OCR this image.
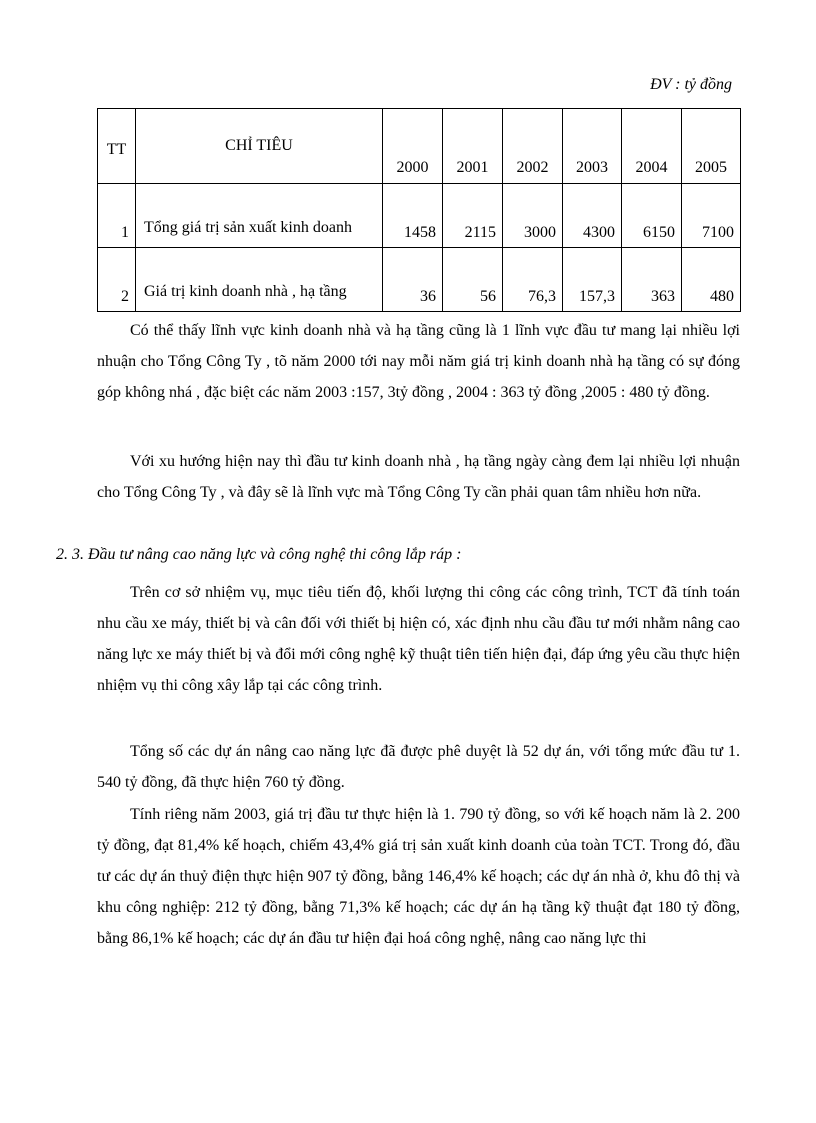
ĐV : tỷ đồng
TT	CHỈ TIÊU	2000	2001	2002	2003	2004	2005
1	Tổng giá trị sản xuất kinh doanh	1458	2115	3000	4300	6150	7100
2	Giá trị kinh doanh nhà , hạ tầng	36	56	76,3	157,3	363	480
Có thể thấy lĩnh vực kinh doanh nhà và hạ tầng cũng là 1 lĩnh vực đầu tư mang lại nhiều lợi nhuận cho Tổng Công Ty , tõ năm 2000 tới nay mỗi năm giá trị kinh doanh nhà hạ tầng có sự đóng góp không nhá , đặc biệt các năm 2003 :157, 3tỷ đồng , 2004 : 363 tỷ đồng ,2005 : 480 tỷ đồng.
Với xu hướng hiện nay thì đầu tư kinh doanh nhà , hạ tầng ngày càng đem lại nhiều lợi nhuận cho Tổng Công Ty , và đây sẽ là lĩnh vực mà Tổng Công Ty cần phải quan tâm nhiều hơn nữa.
2. 3. Đầu tư nâng cao năng lực và công nghệ thi công lắp ráp :
Trên cơ sở nhiệm vụ, mục tiêu tiến độ, khối lượng thi công các công trình, TCT đã tính toán nhu cầu xe máy, thiết bị và cân đối với thiết bị hiện có, xác định nhu cầu đầu tư mới nhằm nâng cao năng lực xe máy thiết bị và đổi mới công nghệ kỹ thuật tiên tiến hiện đại, đáp ứng yêu cầu thực hiện nhiệm vụ thi công xây lắp tại các công trình.
Tổng số các dự án nâng cao năng lực đã được phê duyệt là 52 dự án, với tổng mức đầu tư 1. 540 tỷ đồng, đã thực hiện 760 tỷ đồng.
Tính riêng năm 2003, giá trị đầu tư thực hiện là 1. 790 tỷ đồng, so với kế hoạch năm là 2. 200 tỷ đồng, đạt 81,4% kế hoạch, chiếm 43,4% giá trị sản xuất kinh doanh của toàn TCT. Trong đó, đầu tư các dự án thuỷ điện thực hiện 907 tỷ đồng, bằng 146,4% kế hoạch; các dự án nhà ở, khu đô thị và khu công nghiệp: 212 tỷ đồng, bằng 71,3% kế hoạch; các dự án hạ tầng kỹ thuật đạt 180 tỷ đồng, bằng 86,1% kế hoạch; các dự án đầu tư hiện đại hoá công nghệ, nâng cao năng lực thi
